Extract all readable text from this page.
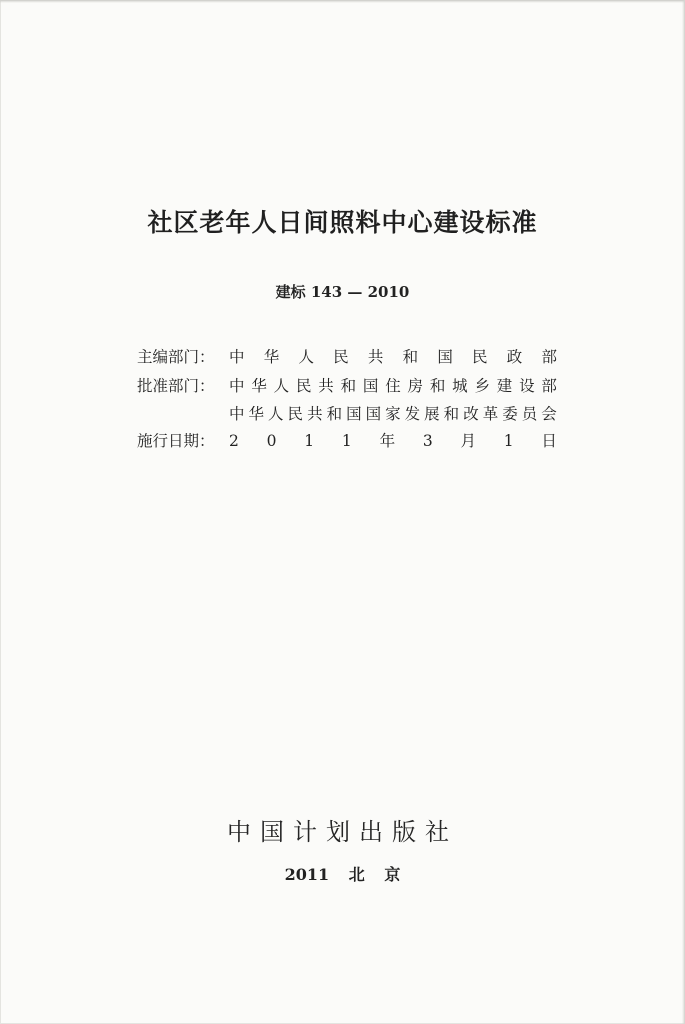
社区老年人日间照料中心建设标准
建标 143 — 2010
主编部门： 中 华 人 民 共 和 国 民 政 部
批准部门： 中 华 人 民 共 和 国 住 房 和 城 乡 建 设 部
中 华 人 民 共 和 国 国 家 发 展 和 改 革 委 员 会
施行日期： 2 0 1 1 年 3 月 1 日
中国计划出版社
2011 北 京
